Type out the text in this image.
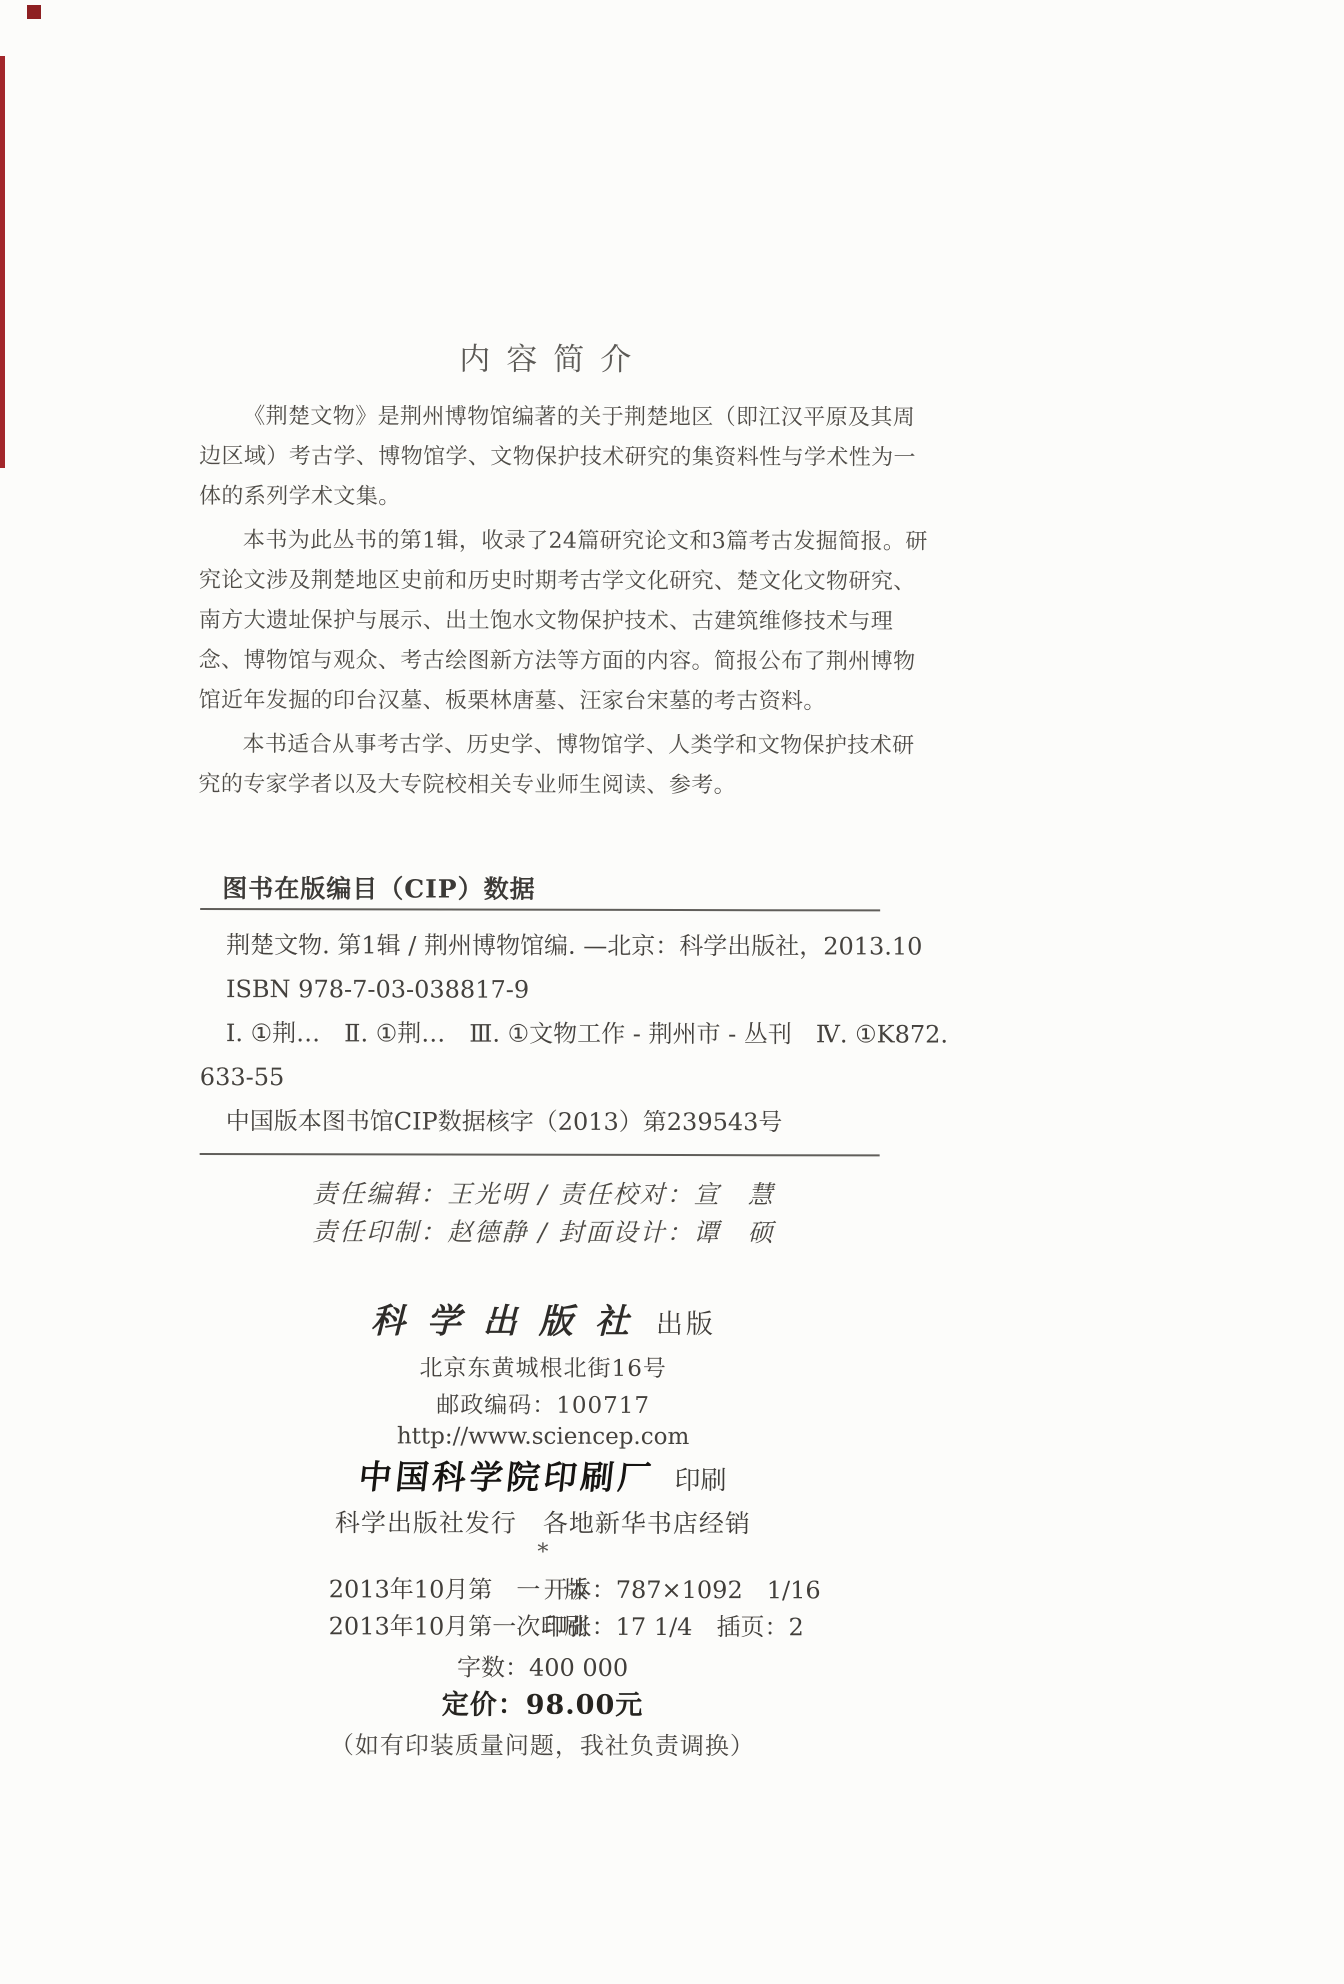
内容简介
《荆楚文物》是荆州博物馆编著的关于荆楚地区（即江汉平原及其周
边区域）考古学、博物馆学、文物保护技术研究的集资料性与学术性为一
体的系列学术文集。
本书为此丛书的第1辑，收录了24篇研究论文和3篇考古发掘简报。研
究论文涉及荆楚地区史前和历史时期考古学文化研究、楚文化文物研究、
南方大遗址保护与展示、出土饱水文物保护技术、古建筑维修技术与理
念、博物馆与观众、考古绘图新方法等方面的内容。简报公布了荆州博物
馆近年发掘的印台汉墓、板栗林唐墓、汪家台宋墓的考古资料。
本书适合从事考古学、历史学、博物馆学、人类学和文物保护技术研
究的专家学者以及大专院校相关专业师生阅读、参考。
图书在版编目（CIP）数据
荆楚文物. 第1辑 / 荆州博物馆编. —北京：科学出版社，2013.10
ISBN 978-7-03-038817-9
Ⅰ. ①荆…　Ⅱ. ①荆…　Ⅲ. ①文物工作 - 荆州市 - 丛刊　Ⅳ. ①K872.
633-55
中国版本图书馆CIP数据核字（2013）第239543号
责任编辑：王光明 / 责任校对：宣　慧
责任印制：赵德静 / 封面设计：谭　硕
科学出版社 出版
北京东黄城根北街16号
邮政编码：100717
http://www.sciencep.com
中国科学院印刷厂 印刷
科学出版社发行　各地新华书店经销
*
2013年10月第　一　版
开本：787×1092　1/16
2013年10月第一次印刷
印张：17 1/4　插页：2
字数：400 000
定价：98.00元
（如有印装质量问题，我社负责调换）
